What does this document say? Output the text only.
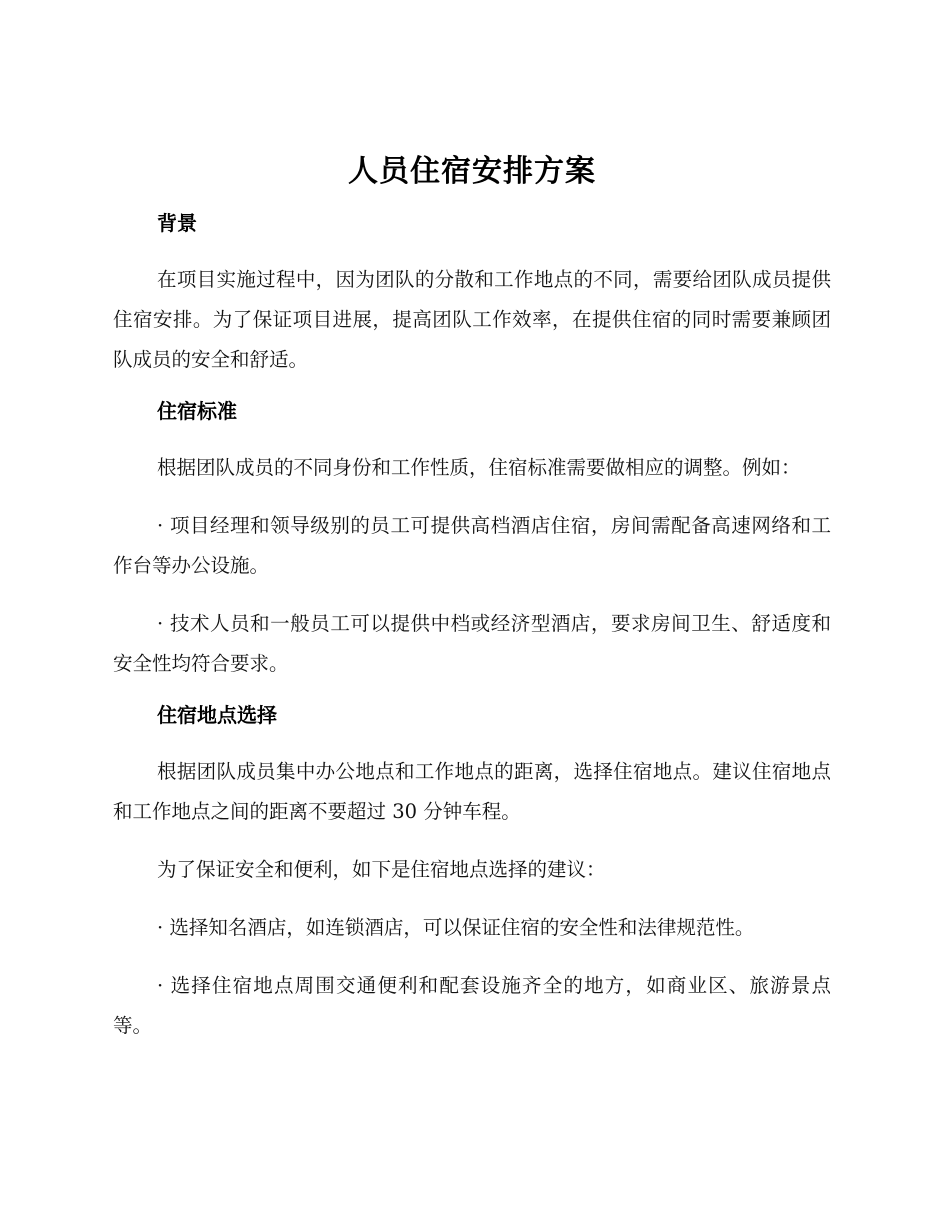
人员住宿安排方案
背景

在项目实施过程中，因为团队的分散和工作地点的不同，需要给团队成员提供住宿安排。为了保证项目进展，提高团队工作效率，在提供住宿的同时需要兼顾团队成员的安全和舒适。

住宿标准

根据团队成员的不同身份和工作性质，住宿标准需要做相应的调整。例如：

· 项目经理和领导级别的员工可提供高档酒店住宿，房间需配备高速网络和工作台等办公设施。

· 技术人员和一般员工可以提供中档或经济型酒店，要求房间卫生、舒适度和安全性均符合要求。

住宿地点选择

根据团队成员集中办公地点和工作地点的距离，选择住宿地点。建议住宿地点和工作地点之间的距离不要超过 30 分钟车程。

为了保证安全和便利，如下是住宿地点选择的建议：

· 选择知名酒店，如连锁酒店，可以保证住宿的安全性和法律规范性。

· 选择住宿地点周围交通便利和配套设施齐全的地方，如商业区、旅游景点等。
